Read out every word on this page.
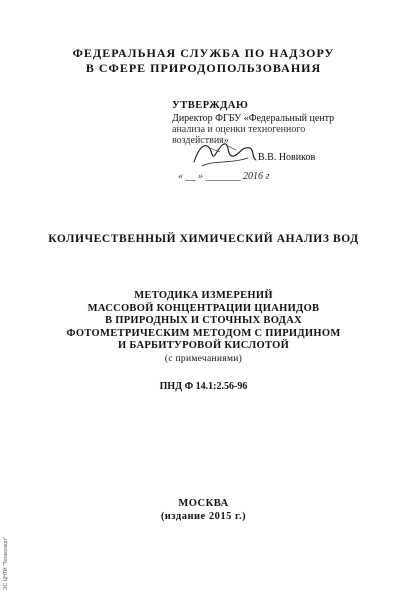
ФЕДЕРАЛЬНАЯ СЛУЖБА ПО НАДЗОРУ
В СФЕРЕ ПРИРОДОПОЛЬЗОВАНИЯ
УТВЕРЖДАЮ
Директор ФГБУ «Федеральный центр
анализа и оценки техногенного
воздействия»
В.В. Новиков
« __ » _______ 2016 г
КОЛИЧЕСТВЕННЫЙ ХИМИЧЕСКИЙ АНАЛИЗ ВОД
МЕТОДИКА ИЗМЕРЕНИЙ
МАССОВОЙ КОНЦЕНТРАЦИИ ЦИАНИДОВ
В ПРИРОДНЫХ И СТОЧНЫХ ВОДАХ
ФОТОМЕТРИЧЕСКИМ МЕТОДОМ С ПИРИДИНОМ
И БАРБИТУРОВОЙ КИСЛОТОЙ
(с примечаниями)
ПНД Ф 14.1:2.56-96
МОСКВА
(издание 2015 г.)
ЭС ЦНТИ "Техэксперт"
